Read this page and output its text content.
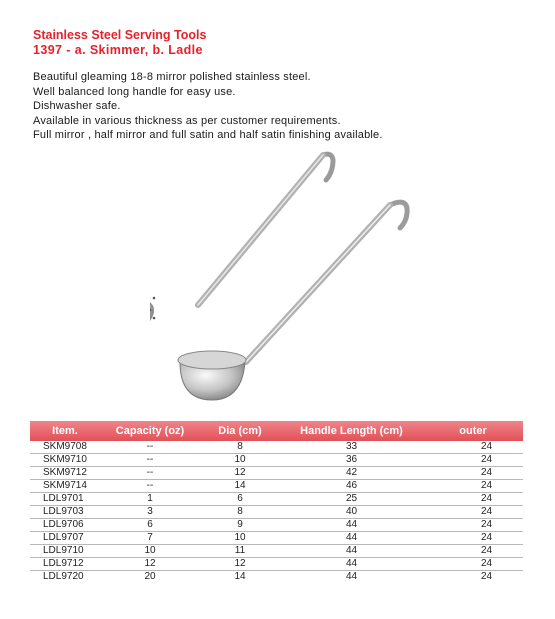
Stainless Steel Serving Tools
1397 - a. Skimmer, b. Ladle
Beautiful gleaming 18-8 mirror polished stainless steel.
Well balanced long handle for easy use.
Dishwasher safe.
Available in various thickness as per customer requirements.
Full mirror , half mirror and full satin and half satin finishing available.
Item.	Capacity (oz)	Dia (cm)	Handle Length (cm)	outer
SKM9708	--	8	33	24
SKM9710	--	10	36	24
SKM9712	--	12	42	24
SKM9714	--	14	46	24
LDL9701	1	6	25	24
LDL9703	3	8	40	24
LDL9706	6	9	44	24
LDL9707	7	10	44	24
LDL9710	10	11	44	24
LDL9712	12	12	44	24
LDL9720	20	14	44	24
